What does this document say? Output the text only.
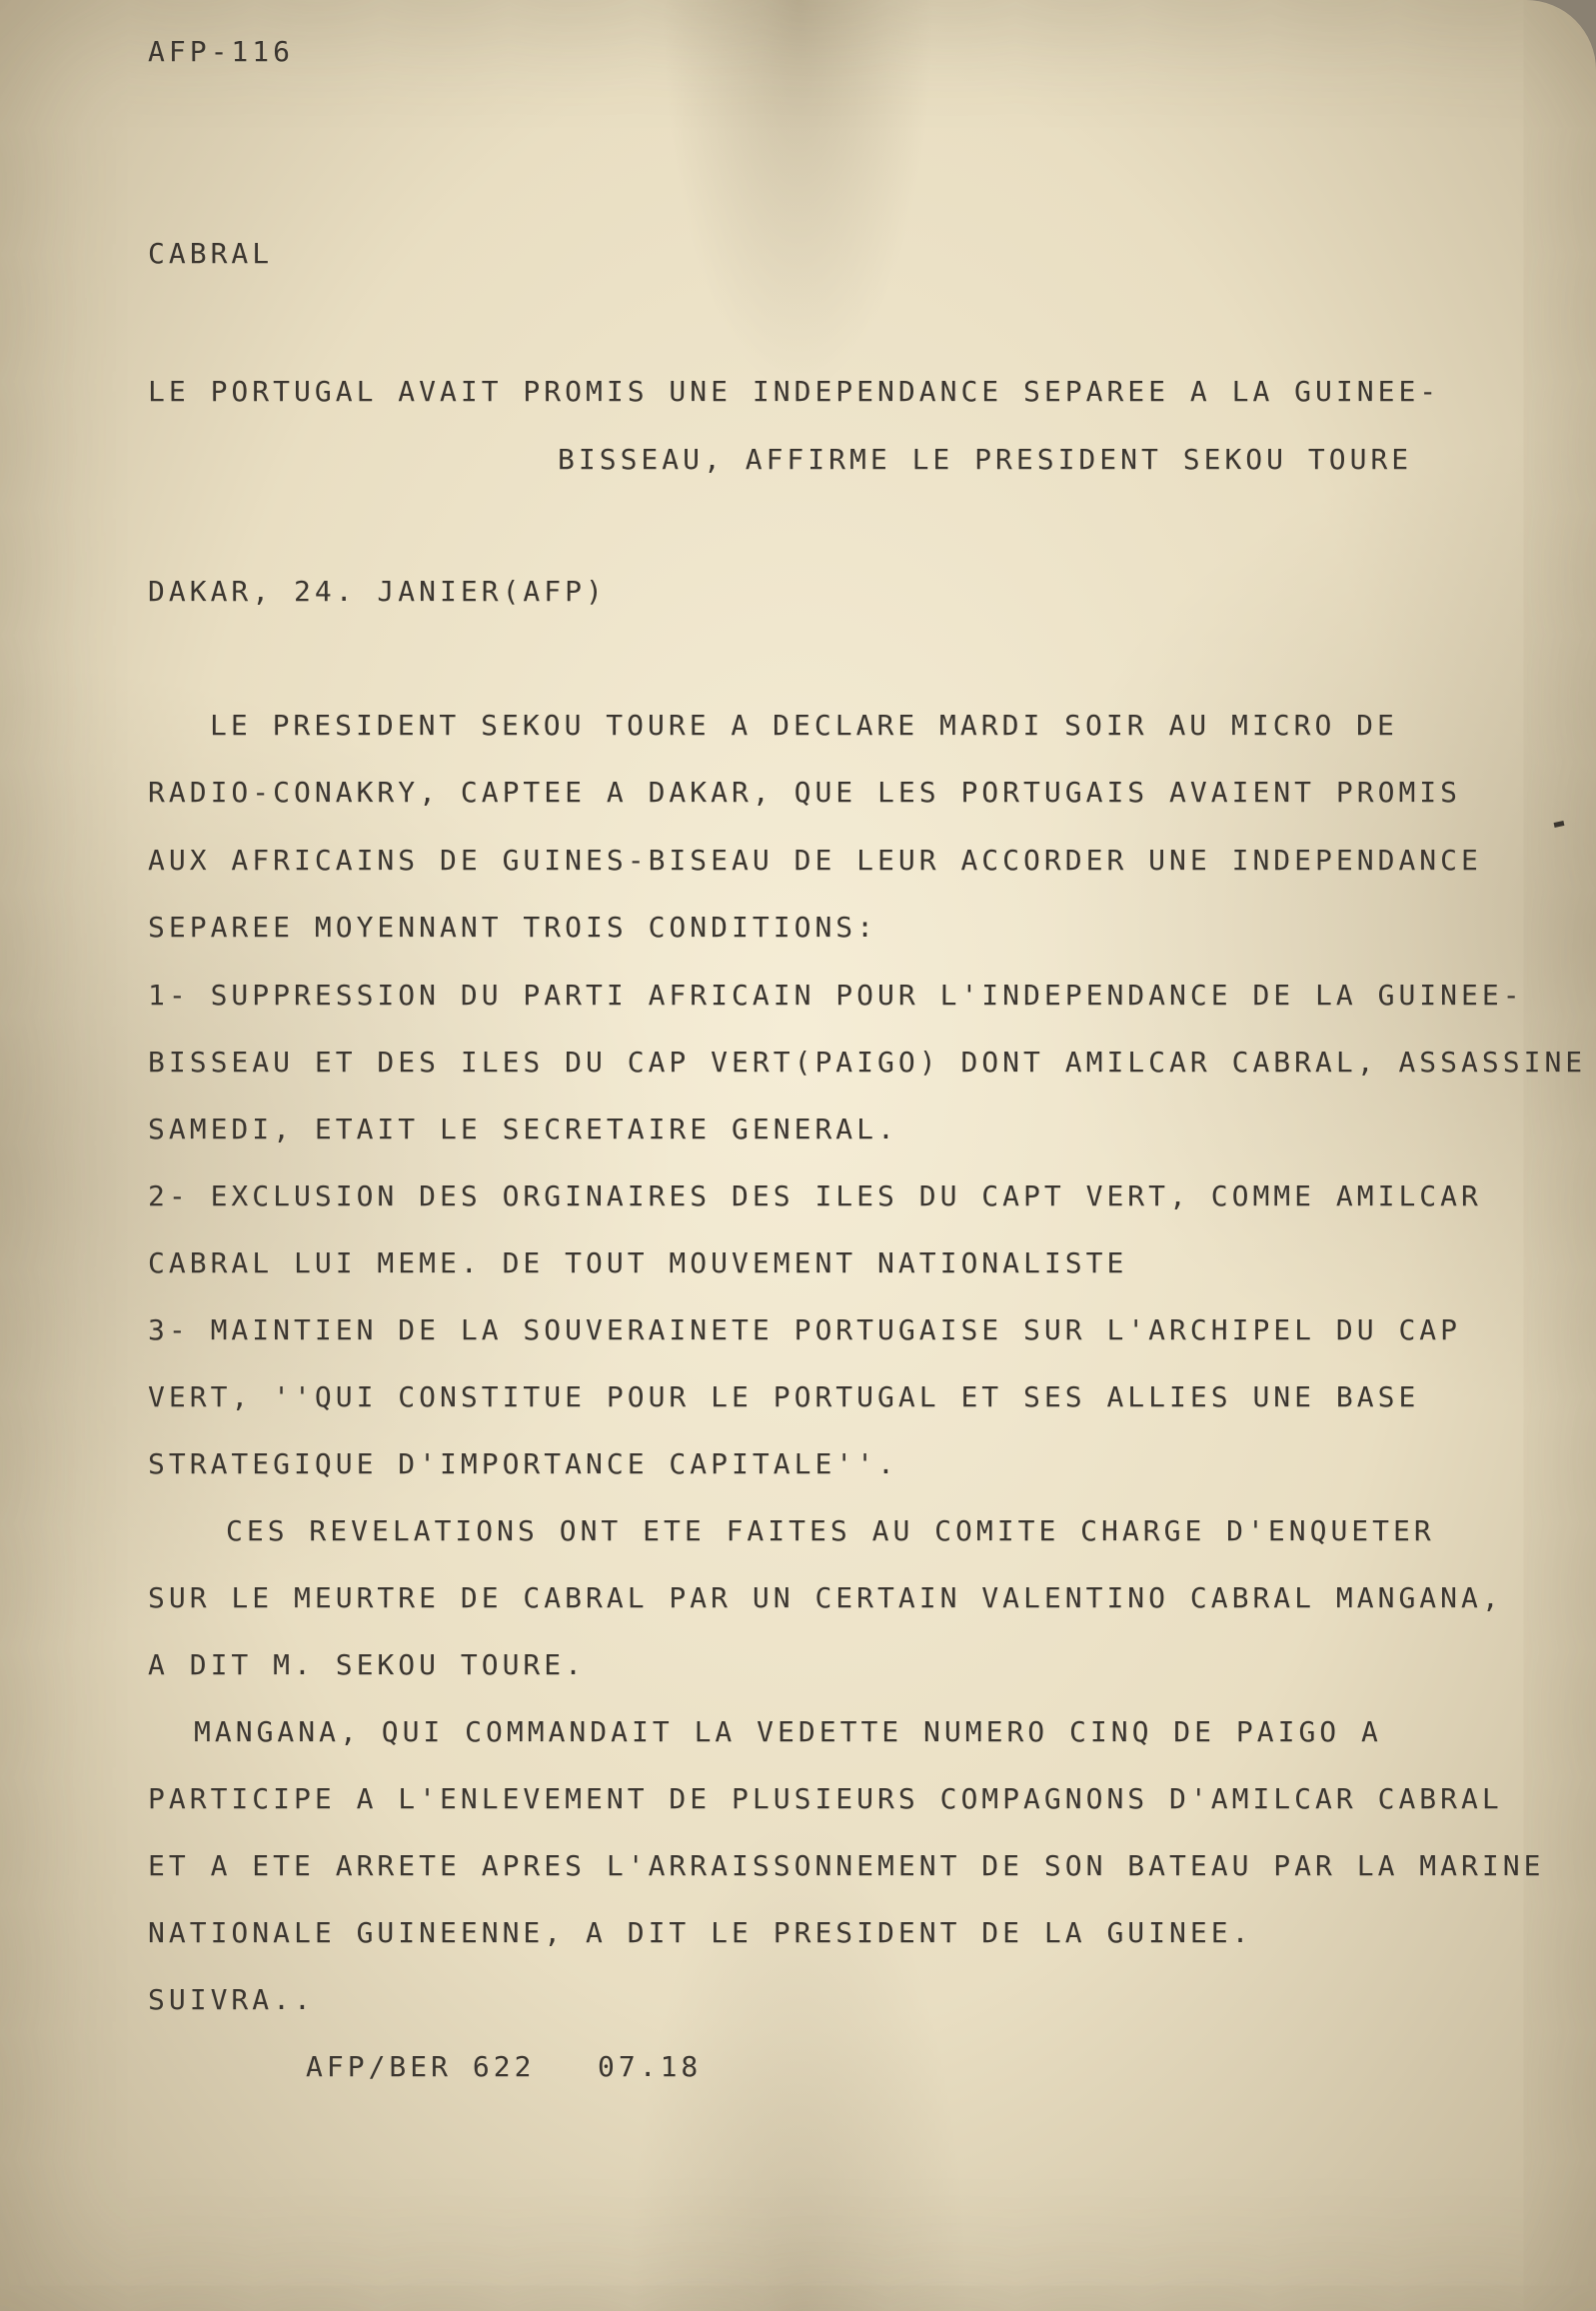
AFP-116

CABRAL

LE PORTUGAL AVAIT PROMIS UNE INDEPENDANCE SEPAREE A LA GUINEE-

BISSEAU, AFFIRME LE PRESIDENT SEKOU TOURE

DAKAR, 24. JANIER(AFP)

LE PRESIDENT SEKOU TOURE A DECLARE MARDI SOIR AU MICRO DE

RADIO-CONAKRY, CAPTEE A DAKAR, QUE LES PORTUGAIS AVAIENT PROMIS

AUX AFRICAINS DE GUINES-BISEAU DE LEUR ACCORDER UNE INDEPENDANCE

SEPAREE MOYENNANT TROIS CONDITIONS:

1- SUPPRESSION DU PARTI AFRICAIN POUR L'INDEPENDANCE DE LA GUINEE-

BISSEAU ET DES ILES DU CAP VERT(PAIGO) DONT AMILCAR CABRAL, ASSASSINE

SAMEDI, ETAIT LE SECRETAIRE GENERAL.

2- EXCLUSION DES ORGINAIRES DES ILES DU CAPT VERT, COMME AMILCAR

CABRAL LUI MEME. DE TOUT MOUVEMENT NATIONALISTE

3- MAINTIEN DE LA SOUVERAINETE PORTUGAISE SUR L'ARCHIPEL DU CAP

VERT, ''QUI CONSTITUE POUR LE PORTUGAL ET SES ALLIES UNE BASE

STRATEGIQUE D'IMPORTANCE CAPITALE''.

CES REVELATIONS ONT ETE FAITES AU COMITE CHARGE D'ENQUETER

SUR LE MEURTRE DE CABRAL PAR UN CERTAIN VALENTINO CABRAL MANGANA,

A DIT M. SEKOU TOURE.

MANGANA, QUI COMMANDAIT LA VEDETTE NUMERO CINQ DE PAIGO A

PARTICIPE A L'ENLEVEMENT DE PLUSIEURS COMPAGNONS D'AMILCAR CABRAL

ET A ETE ARRETE APRES L'ARRAISSONNEMENT DE SON BATEAU PAR LA MARINE

NATIONALE GUINEENNE, A DIT LE PRESIDENT DE LA GUINEE.

SUIVRA..

AFP/BER 622   07.18
